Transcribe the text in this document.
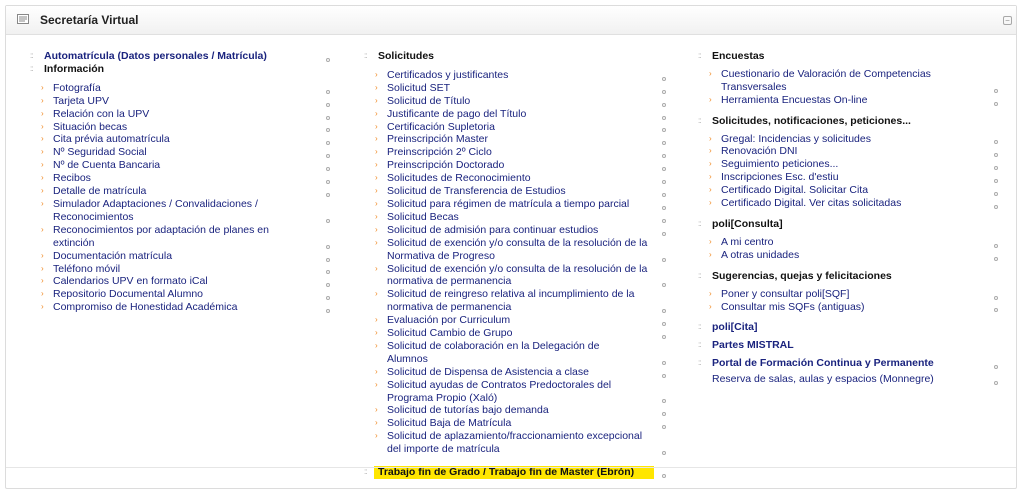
Secretaría Virtual	−
::	Automatrícula (Datos personales / Matrícula)
::	Información
› Fotografía
› Tarjeta UPV
› Relación con la UPV
› Situación becas
› Cita prévia automatrícula
› Nº Seguridad Social
› Nº de Cuenta Bancaria
› Recibos
› Detalle de matrícula
› Simulador Adaptaciones / Convalidaciones / Reconocimientos
› Reconocimientos por adaptación de planes en extinción
› Documentación matrícula
› Teléfono móvil
› Calendarios UPV en formato iCal
› Repositorio Documental Alumno
› Compromiso de Honestidad Académica
::	Solicitudes
› Certificados y justificantes
› Solicitud SET
› Solicitud de Título
› Justificante de pago del Título
› Certificación Supletoria
› Preinscripción Master
› Preinscripción 2º Ciclo
› Preinscripción Doctorado
› Solicitudes de Reconocimiento
› Solicitud de Transferencia de Estudios
› Solicitud para régimen de matrícula a tiempo parcial
› Solicitud Becas
› Solicitud de admisión para continuar estudios
› Solicitud de exención y/o consulta de la resolución de la Normativa de Progreso
› Solicitud de exención y/o consulta de la resolución de la normativa de permanencia
› Solicitud de reingreso relativa al incumplimiento de la normativa de permanencia
› Evaluación por Curriculum
› Solicitud Cambio de Grupo
› Solicitud de colaboración en la Delegación de Alumnos
› Solicitud de Dispensa de Asistencia a clase
› Solicitud ayudas de Contratos Predoctorales del Programa Propio (Xaló)
› Solicitud de tutorías bajo demanda
› Solicitud Baja de Matrícula
› Solicitud de aplazamiento/fraccionamiento excepcional del importe de matrícula
::	Trabajo fin de Grado / Trabajo fin de Master (Ebrón)
::	Encuestas
› Cuestionario de Valoración de Competencias Transversales
› Herramienta Encuestas On-line
::	Solicitudes, notificaciones, peticiones...
› Gregal: Incidencias y solicitudes
› Renovación DNI
› Seguimiento peticiones...
› Inscripciones Esc. d'estiu
› Certificado Digital. Solicitar Cita
› Certificado Digital. Ver citas solicitadas
::	poli[Consulta]
› A mi centro
› A otras unidades
::	Sugerencias, quejas y felicitaciones
› Poner y consultar poli[SQF]
› Consultar mis SQFs (antiguas)
::	poli[Cita]
::	Partes MISTRAL
::	Portal de Formación Continua y Permanente
Reserva de salas, aulas y espacios (Monnegre)
